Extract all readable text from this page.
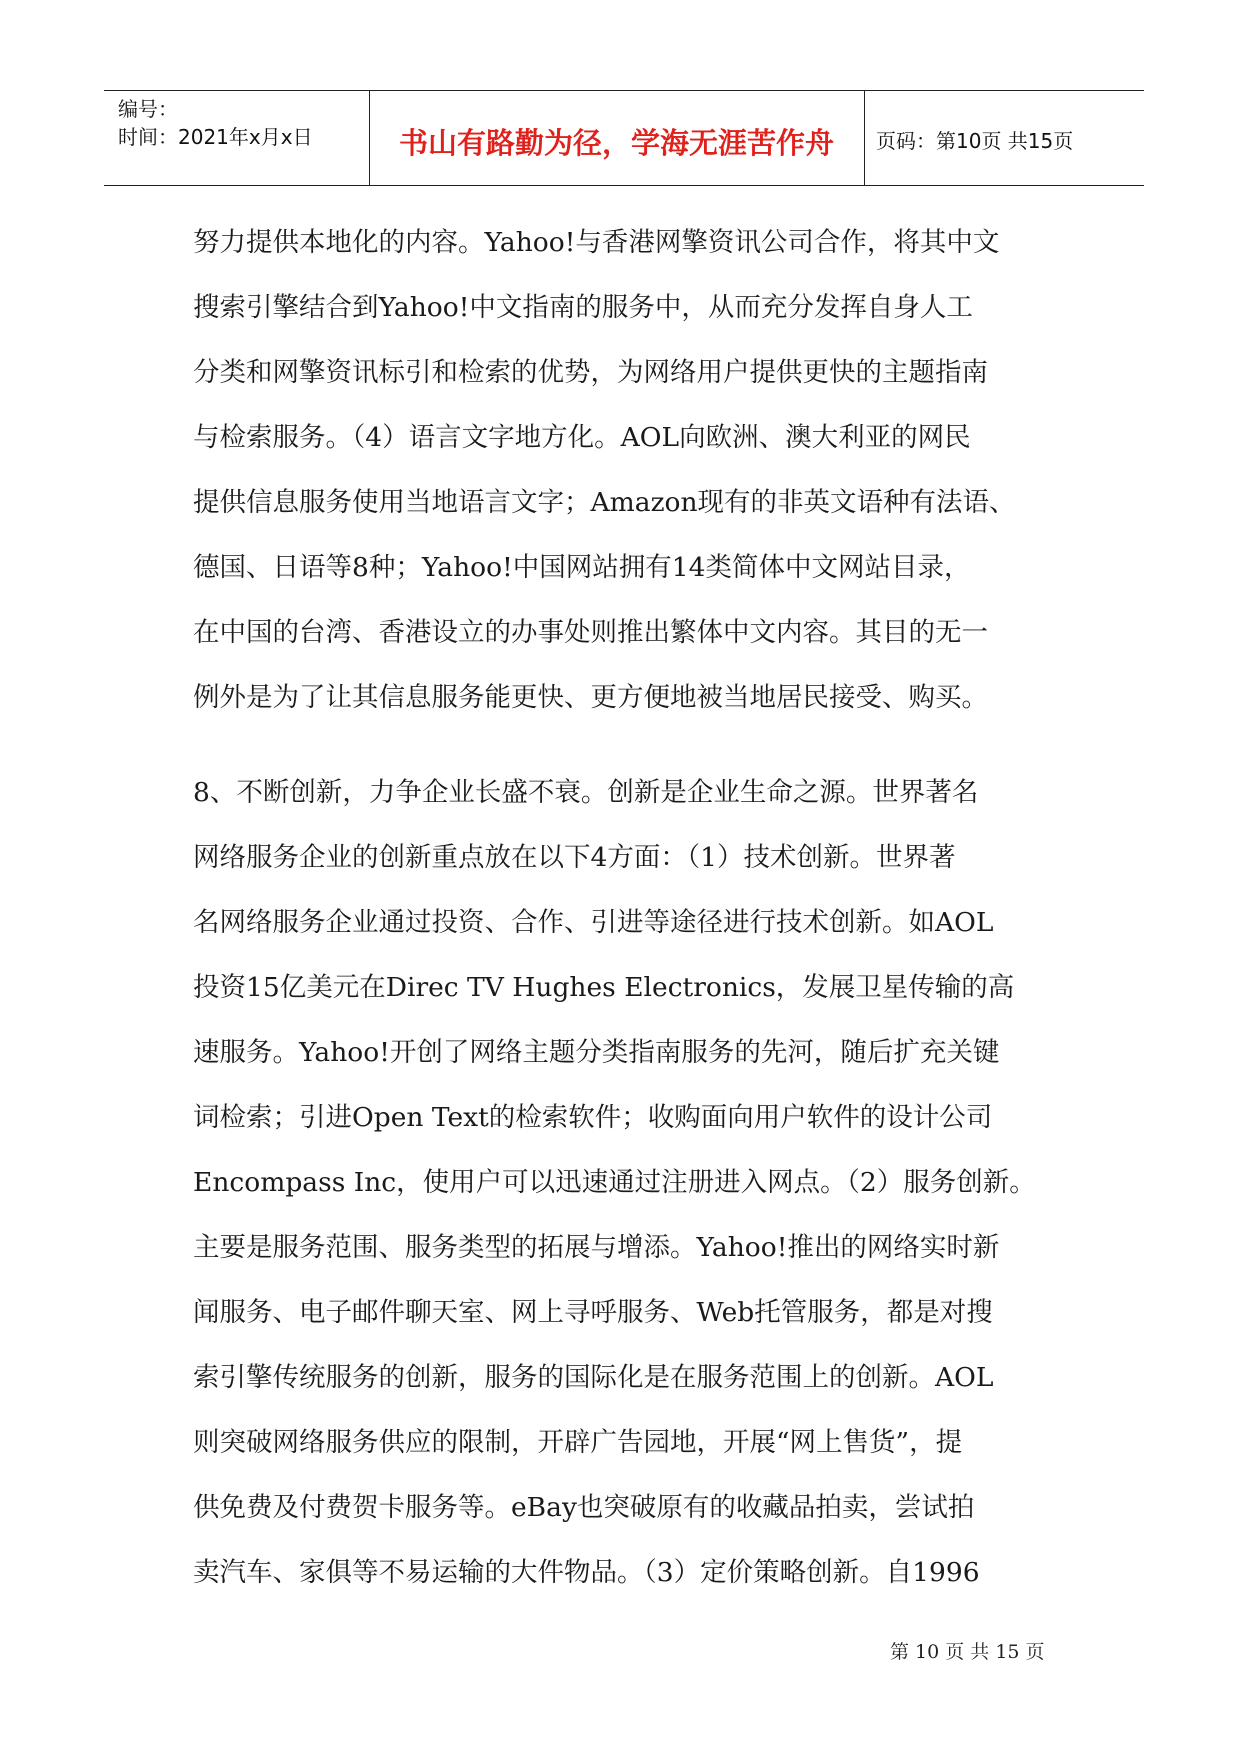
编号：
时间：2021年x月x日	书山有路勤为径，学海无涯苦作舟	页码：第10页 共15页
努力提供本地化的内容。Yahoo!与香港网擎资讯公司合作，将其中文
搜索引擎结合到Yahoo!中文指南的服务中，从而充分发挥自身人工
分类和网擎资讯标引和检索的优势，为网络用户提供更快的主题指南
与检索服务。（4）语言文字地方化。AOL向欧洲、澳大利亚的网民
提供信息服务使用当地语言文字；Amazon现有的非英文语种有法语、
德国、日语等8种；Yahoo!中国网站拥有14类简体中文网站目录，
在中国的台湾、香港设立的办事处则推出繁体中文内容。其目的无一
例外是为了让其信息服务能更快、更方便地被当地居民接受、购买。
8、不断创新，力争企业长盛不衰。创新是企业生命之源。世界著名
网络服务企业的创新重点放在以下4方面：（1）技术创新。世界著
名网络服务企业通过投资、合作、引进等途径进行技术创新。如AOL
投资15亿美元在Direc TV Hughes Electronics，发展卫星传输的高
速服务。Yahoo!开创了网络主题分类指南服务的先河，随后扩充关键
词检索；引进Open Text的检索软件；收购面向用户软件的设计公司
Encompass Inc，使用户可以迅速通过注册进入网点。（2）服务创新。
主要是服务范围、服务类型的拓展与增添。Yahoo!推出的网络实时新
闻服务、电子邮件聊天室、网上寻呼服务、Web托管服务，都是对搜
索引擎传统服务的创新，服务的国际化是在服务范围上的创新。AOL
则突破网络服务供应的限制，开辟广告园地，开展“网上售货”，提
供免费及付费贺卡服务等。eBay也突破原有的收藏品拍卖，尝试拍
卖汽车、家俱等不易运输的大件物品。（3）定价策略创新。自1996
第 10 页 共 15 页
